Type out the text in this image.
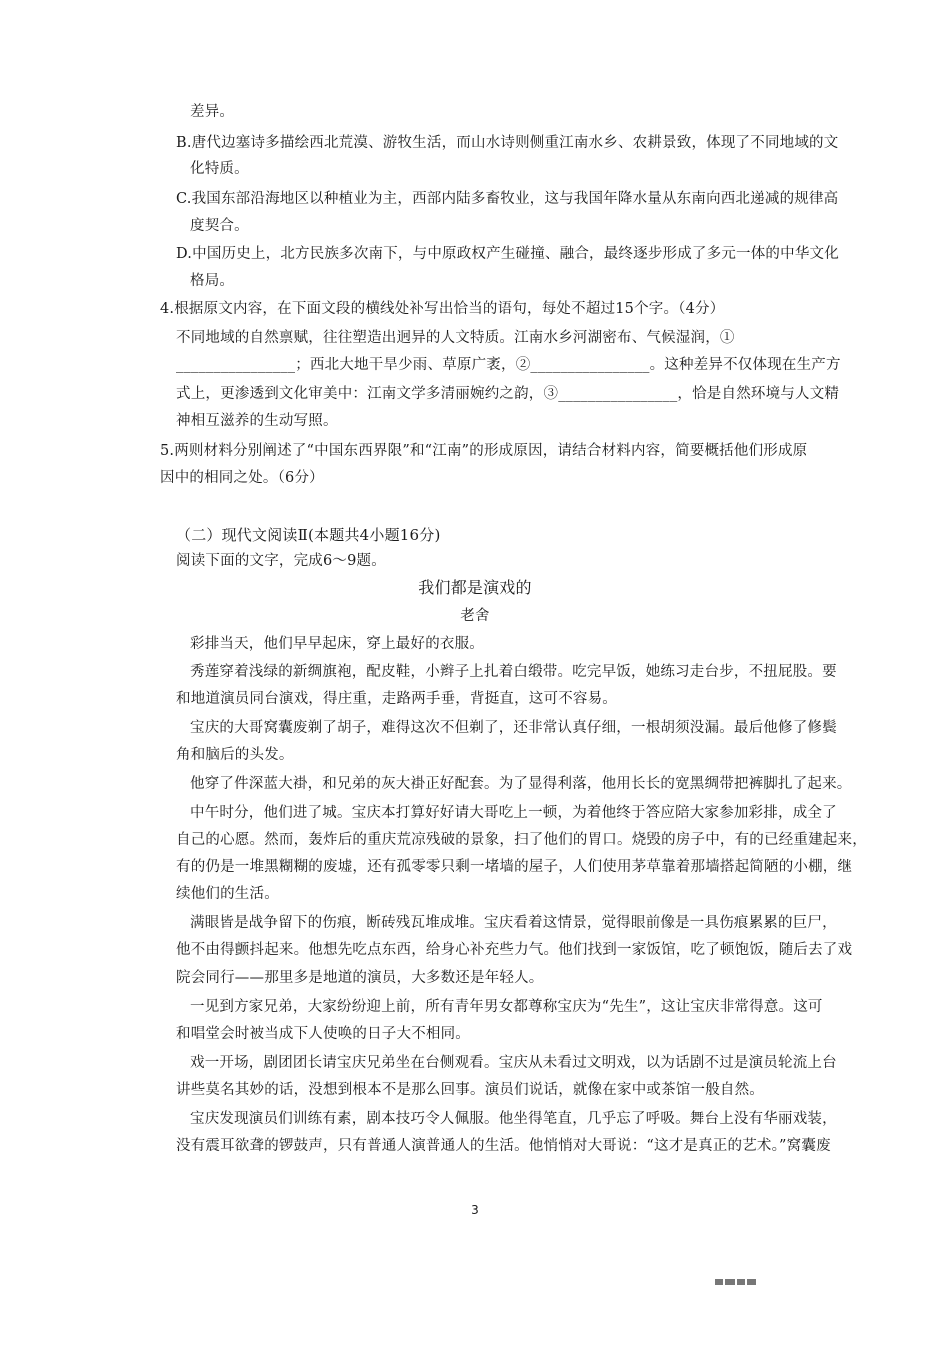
差异。
B.唐代边塞诗多描绘西北荒漠、游牧生活，而山水诗则侧重江南水乡、农耕景致，体现了不同地域的文
化特质。
C.我国东部沿海地区以种植业为主，西部内陆多畜牧业，这与我国年降水量从东南向西北递减的规律高
度契合。
D.中国历史上，北方民族多次南下，与中原政权产生碰撞、融合，最终逐步形成了多元一体的中华文化
格局。
4.根据原文内容，在下面文段的横线处补写出恰当的语句，每处不超过15个字。（4分）
不同地域的自然禀赋，往往塑造出迥异的人文特质。江南水乡河湖密布、气候湿润，①
________________；西北大地干旱少雨、草原广袤，②________________。这种差异不仅体现在生产方
式上，更渗透到文化审美中：江南文学多清丽婉约之韵，③________________，恰是自然环境与人文精
神相互滋养的生动写照。
5.两则材料分别阐述了“中国东西界限”和“江南”的形成原因，请结合材料内容，简要概括他们形成原
因中的相同之处。（6分）
（二）现代文阅读Ⅱ(本题共4小题16分)
阅读下面的文字，完成6～9题。
我们都是演戏的
老舍
彩排当天，他们早早起床，穿上最好的衣服。
秀莲穿着浅绿的新绸旗袍，配皮鞋，小辫子上扎着白缎带。吃完早饭，她练习走台步，不扭屁股。要
和地道演员同台演戏，得庄重，走路两手垂，背挺直，这可不容易。
宝庆的大哥窝囊废剃了胡子，难得这次不但剃了，还非常认真仔细，一根胡须没漏。最后他修了修鬓
角和脑后的头发。
他穿了件深蓝大褂，和兄弟的灰大褂正好配套。为了显得利落，他用长长的宽黑绸带把裤脚扎了起来。
中午时分，他们进了城。宝庆本打算好好请大哥吃上一顿，为着他终于答应陪大家参加彩排，成全了
自己的心愿。然而，轰炸后的重庆荒凉残破的景象，扫了他们的胃口。烧毁的房子中，有的已经重建起来，
有的仍是一堆黑糊糊的废墟，还有孤零零只剩一堵墙的屋子，人们使用茅草靠着那墙搭起简陋的小棚，继
续他们的生活。
满眼皆是战争留下的伤痕，断砖残瓦堆成堆。宝庆看着这情景，觉得眼前像是一具伤痕累累的巨尸，
他不由得颤抖起来。他想先吃点东西，给身心补充些力气。他们找到一家饭馆，吃了顿饱饭，随后去了戏
院会同行——那里多是地道的演员，大多数还是年轻人。
一见到方家兄弟，大家纷纷迎上前，所有青年男女都尊称宝庆为“先生”，这让宝庆非常得意。这可
和唱堂会时被当成下人使唤的日子大不相同。
戏一开场，剧团团长请宝庆兄弟坐在台侧观看。宝庆从未看过文明戏，以为话剧不过是演员轮流上台
讲些莫名其妙的话，没想到根本不是那么回事。演员们说话，就像在家中或茶馆一般自然。
宝庆发现演员们训练有素，剧本技巧令人佩服。他坐得笔直，几乎忘了呼吸。舞台上没有华丽戏装，
没有震耳欲聋的锣鼓声，只有普通人演普通人的生活。他悄悄对大哥说：“这才是真正的艺术。”窝囊废
3
